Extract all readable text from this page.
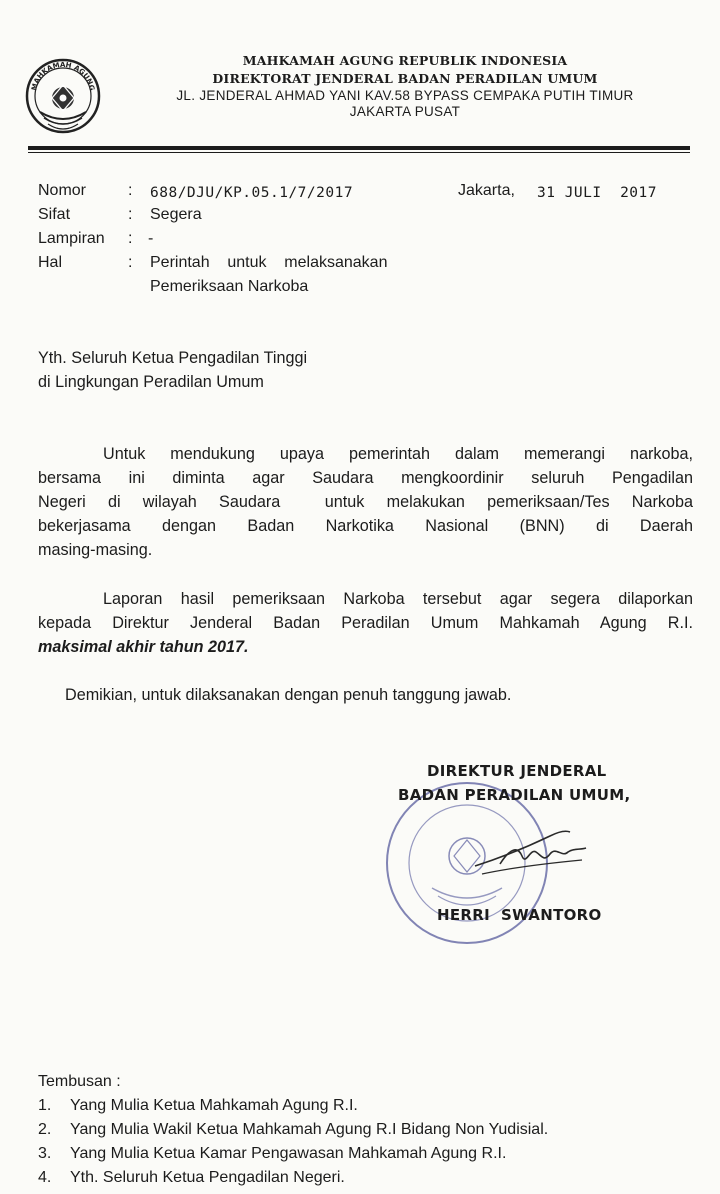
MAHKAMAH AGUNG
MAHKAMAH AGUNG REPUBLIK INDONESIA
DIREKTORAT JENDERAL BADAN PERADILAN UMUM
JL. JENDERAL AHMAD YANI KAV.58 BYPASS CEMPAKA PUTIH TIMUR
JAKARTA PUSAT
Nomor	: 688/DJU/KP.05.1/7/2017	Jakarta, 31 JULI  2017
Sifat	: Segera
Lampiran : -
Hal	: Perintah    untuk    melaksanakan
Pemeriksaan Narkoba
Yth. Seluruh Ketua Pengadilan Tinggi
di Lingkungan Peradilan Umum
Untuk mendukung upaya pemerintah dalam memerangi narkoba,
bersama ini diminta agar Saudara mengkoordinir seluruh Pengadilan
Negeri di wilayah Saudara  untuk melakukan pemeriksaan/Tes Narkoba
bekerjasama dengan Badan Narkotika Nasional (BNN) di Daerah
masing-masing.
Laporan hasil pemeriksaan Narkoba tersebut agar segera dilaporkan
kepada Direktur Jenderal Badan Peradilan Umum Mahkamah Agung R.I.
maksimal akhir tahun 2017.
Demikian, untuk dilaksanakan dengan penuh tanggung jawab.
DIREKTUR JENDERAL
BADAN PERADILAN UMUM,
HERRI  SWANTORO
Tembusan :
1. Yang Mulia Ketua Mahkamah Agung R.I.
2. Yang Mulia Wakil Ketua Mahkamah Agung R.I Bidang Non Yudisial.
3. Yang Mulia Ketua Kamar Pengawasan Mahkamah Agung R.I.
4. Yth. Seluruh Ketua Pengadilan Negeri.
